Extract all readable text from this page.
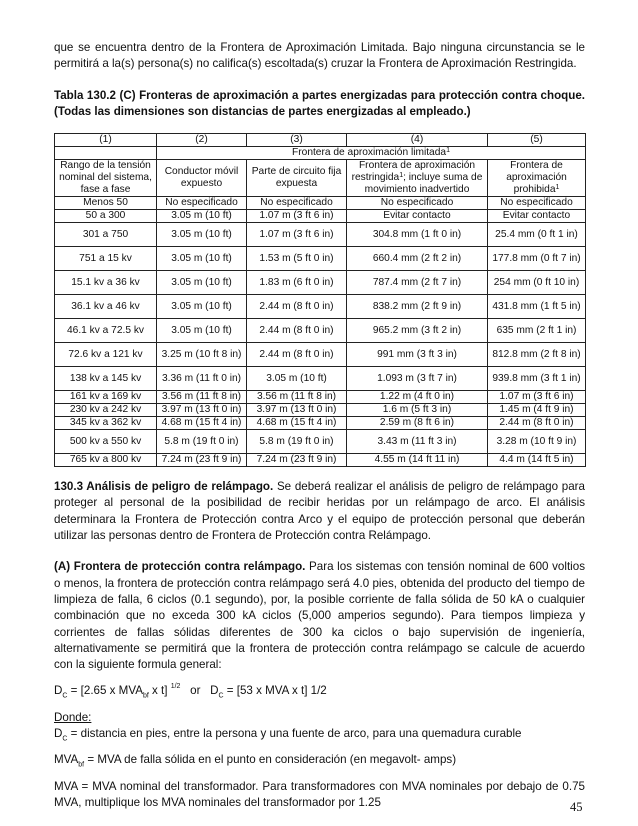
que se encuentra dentro de la Frontera de Aproximación Limitada. Bajo ninguna circunstancia se le permitirá a la(s) persona(s) no califica(s) escoltada(s) cruzar la Frontera de Aproximación Restringida.

Tabla 130.2 (C) Fronteras de aproximación a partes energizadas para protección contra choque. (Todas las dimensiones son distancias de partes energizadas al empleado.)

(1)	(2)	(3)	(4)	(5)
	Frontera de aproximación limitada$^1$
Rango de la tensión nominal del sistema, fase a fase	Conductor móvil expuesto	Parte de circuito fija expuesta	Frontera de aproximación restringida$^1$; incluye suma de movimiento inadvertido	Frontera de aproximación prohibida$^1$
Menos 50	No especificado	No especificado	No especificado	No especificado
50 a 300	3.05 m (10 ft)	1.07 m (3 ft 6 in)	Evitar contacto	Evitar contacto
301 a 750	3.05 m (10 ft)	1.07 m (3 ft 6 in)	304.8 mm (1 ft 0 in)	25.4 mm (0 ft 1 in)
751 a 15 kv	3.05 m (10 ft)	1.53 m (5 ft 0 in)	660.4 mm (2 ft 2 in)	177.8 mm (0 ft 7 in)
15.1 kv a 36 kv	3.05 m (10 ft)	1.83 m (6 ft 0 in)	787.4 mm (2 ft 7 in)	254 mm (0 ft 10 in)
36.1 kv a 46 kv	3.05 m (10 ft)	2.44 m (8 ft 0 in)	838.2 mm (2 ft 9 in)	431.8 mm (1 ft 5 in)
46.1 kv a 72.5 kv	3.05 m (10 ft)	2.44 m (8 ft 0 in)	965.2 mm (3 ft 2 in)	635 mm (2 ft 1 in)
72.6 kv a 121 kv	3.25 m (10 ft 8 in)	2.44 m (8 ft 0 in)	991 mm (3 ft 3 in)	812.8 mm (2 ft 8 in)
138 kv a 145 kv	3.36 m (11 ft 0 in)	3.05 m (10 ft)	1.093 m (3 ft 7 in)	939.8 mm (3 ft 1 in)
161 kv a 169 kv	3.56 m (11 ft 8 in)	3.56 m (11 ft 8 in)	1.22 m (4 ft 0 in)	1.07 m (3 ft 6 in)
230 kv a 242 kv	3.97 m (13 ft 0 in)	3.97 m (13 ft 0 in)	1.6 m (5 ft 3 in)	1.45 m (4 ft 9 in)
345 kv a 362 kv	4.68 m (15 ft 4 in)	4.68 m (15 ft 4 in)	2.59 m (8 ft 6 in)	2.44 m (8 ft 0 in)
500 kv a 550 kv	5.8 m (19 ft 0 in)	5.8 m (19 ft 0 in)	3.43 m (11 ft 3 in)	3.28 m (10 ft 9 in)
765 kv a 800 kv	7.24 m (23 ft 9 in)	7.24 m (23 ft 9 in)	4.55 m (14 ft 11 in)	4.4 m (14 ft 5 in)

130.3 Análisis de peligro de relámpago. Se deberá realizar el análisis de peligro de relámpago para proteger al personal de la posibilidad de recibir heridas por un relámpago de arco. El análisis determinara la Frontera de Protección contra Arco y el equipo de protección personal que deberán utilizar las personas dentro de Frontera de Protección contra Relámpago.

(A) Frontera de protección contra relámpago. Para los sistemas con tensión nominal de 600 voltios o menos, la frontera de protección contra relámpago será 4.0 pies, obtenida del producto del tiempo de limpieza de falla, 6 ciclos (0.1 segundo), por, la posible corriente de falla sólida de 50 kA o cualquier combinación que no exceda 300 kA ciclos (5,000 amperios segundo). Para tiempos limpieza y corrientes de fallas sólidas diferentes de 300 ka ciclos o bajo supervisión de ingeniería, alternativamente se permitirá que la frontera de protección contra relámpago se calcule de acuerdo con la siguiente formula general:

$D_C = [2.65$ x $MVA_{bf}$ x t] $^{1/2}$ or $D_C = [53$ x MVA x t] 1/2

Donde:

$D_C$ = distancia en pies, entre la persona y una fuente de arco, para una quemadura curable

$MVA_{bf}$ = MVA de falla sólida en el punto en consideración (en megavolt- amps)

MVA = MVA nominal del transformador. Para transformadores con MVA nominales por debajo de 0.75 MVA, multiplique los MVA nominales del transformador por 1.25	45
